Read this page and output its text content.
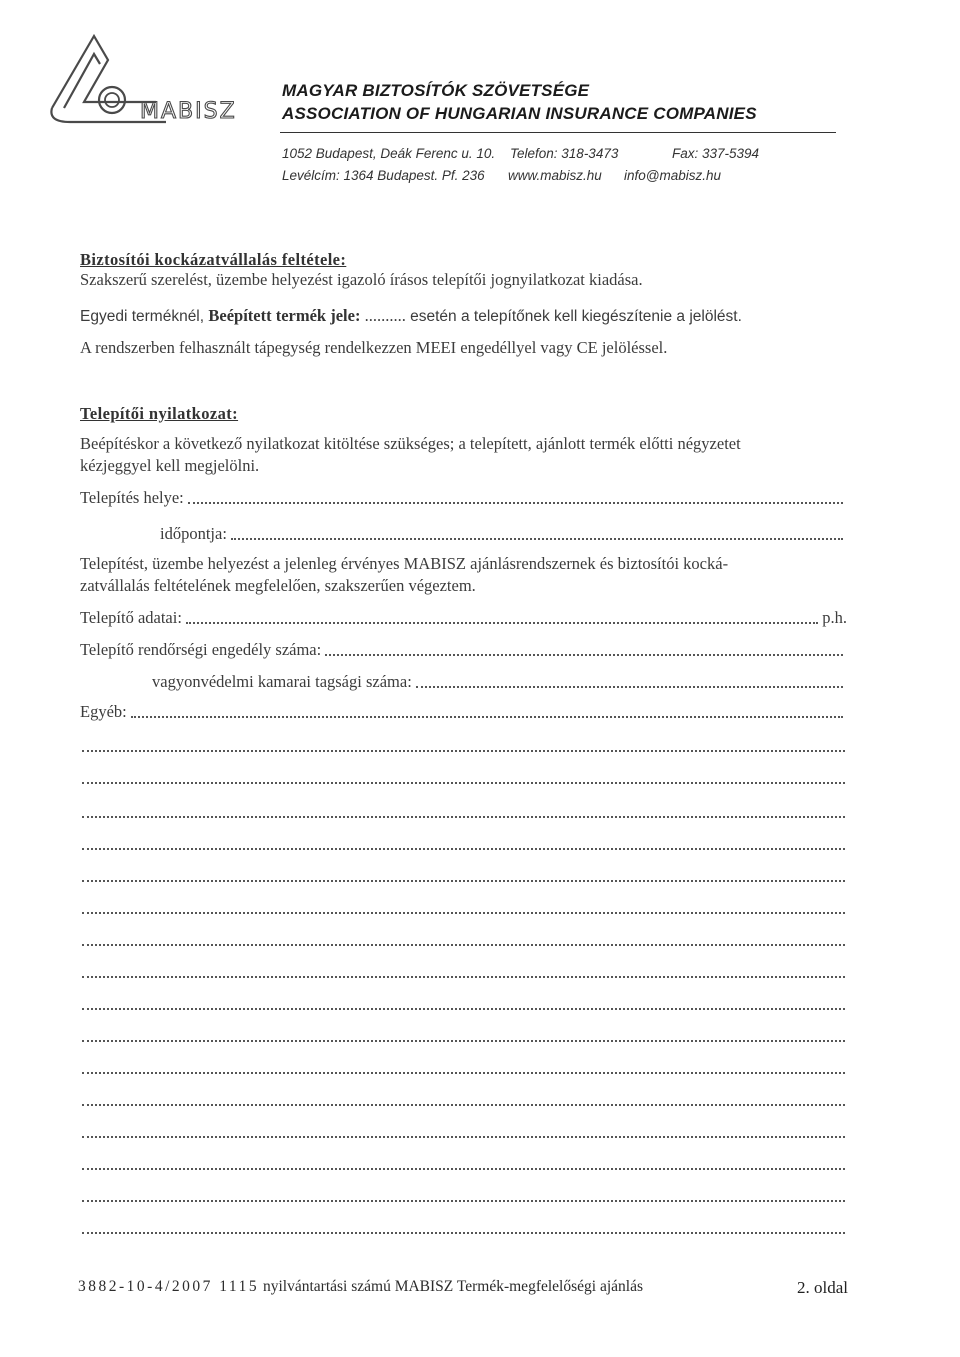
MABISZ
MAGYAR BIZTOSÍTÓK SZÖVETSÉGE
ASSOCIATION OF HUNGARIAN INSURANCE COMPANIES
1052 Budapest, Deák Ferenc u. 10. Telefon: 318-3473	Fax: 337-5394
Levélcím: 1364 Budapest. Pf. 236 www.mabisz.hu info@mabisz.hu
Biztosítói kockázatvállalás feltétele:
Szakszerű szerelést, üzembe helyezést igazoló írásos telepítői jognyilatkozat kiadása.
Egyedi terméknél, Beépített termék jele: .......... esetén a telepítőnek kell kiegészítenie a jelölést.
A rendszerben felhasznált tápegység rendelkezzen MEEI engedéllyel vagy CE jelöléssel.
Telepítői nyilatkozat:
Beépítéskor a következő nyilatkozat kitöltése szükséges; a telepített, ajánlott termék előtti négyzetet
kézjeggyel kell megjelölni.
Telepítés helye:
időpontja:
Telepítést, üzembe helyezést a jelenleg érvényes MABISZ ajánlásrendszernek és biztosítói kocká-
zatvállalás feltételének megfelelően, szakszerűen végeztem.
Telepítő adatai:	p.h.
Telepítő rendőrségi engedély száma:
vagyonvédelmi kamarai tagsági száma:
Egyéb:
3882-10-4/2007 1115 nyilvántartási számú MABISZ Termék-megfelelőségi ajánlás	2. oldal
